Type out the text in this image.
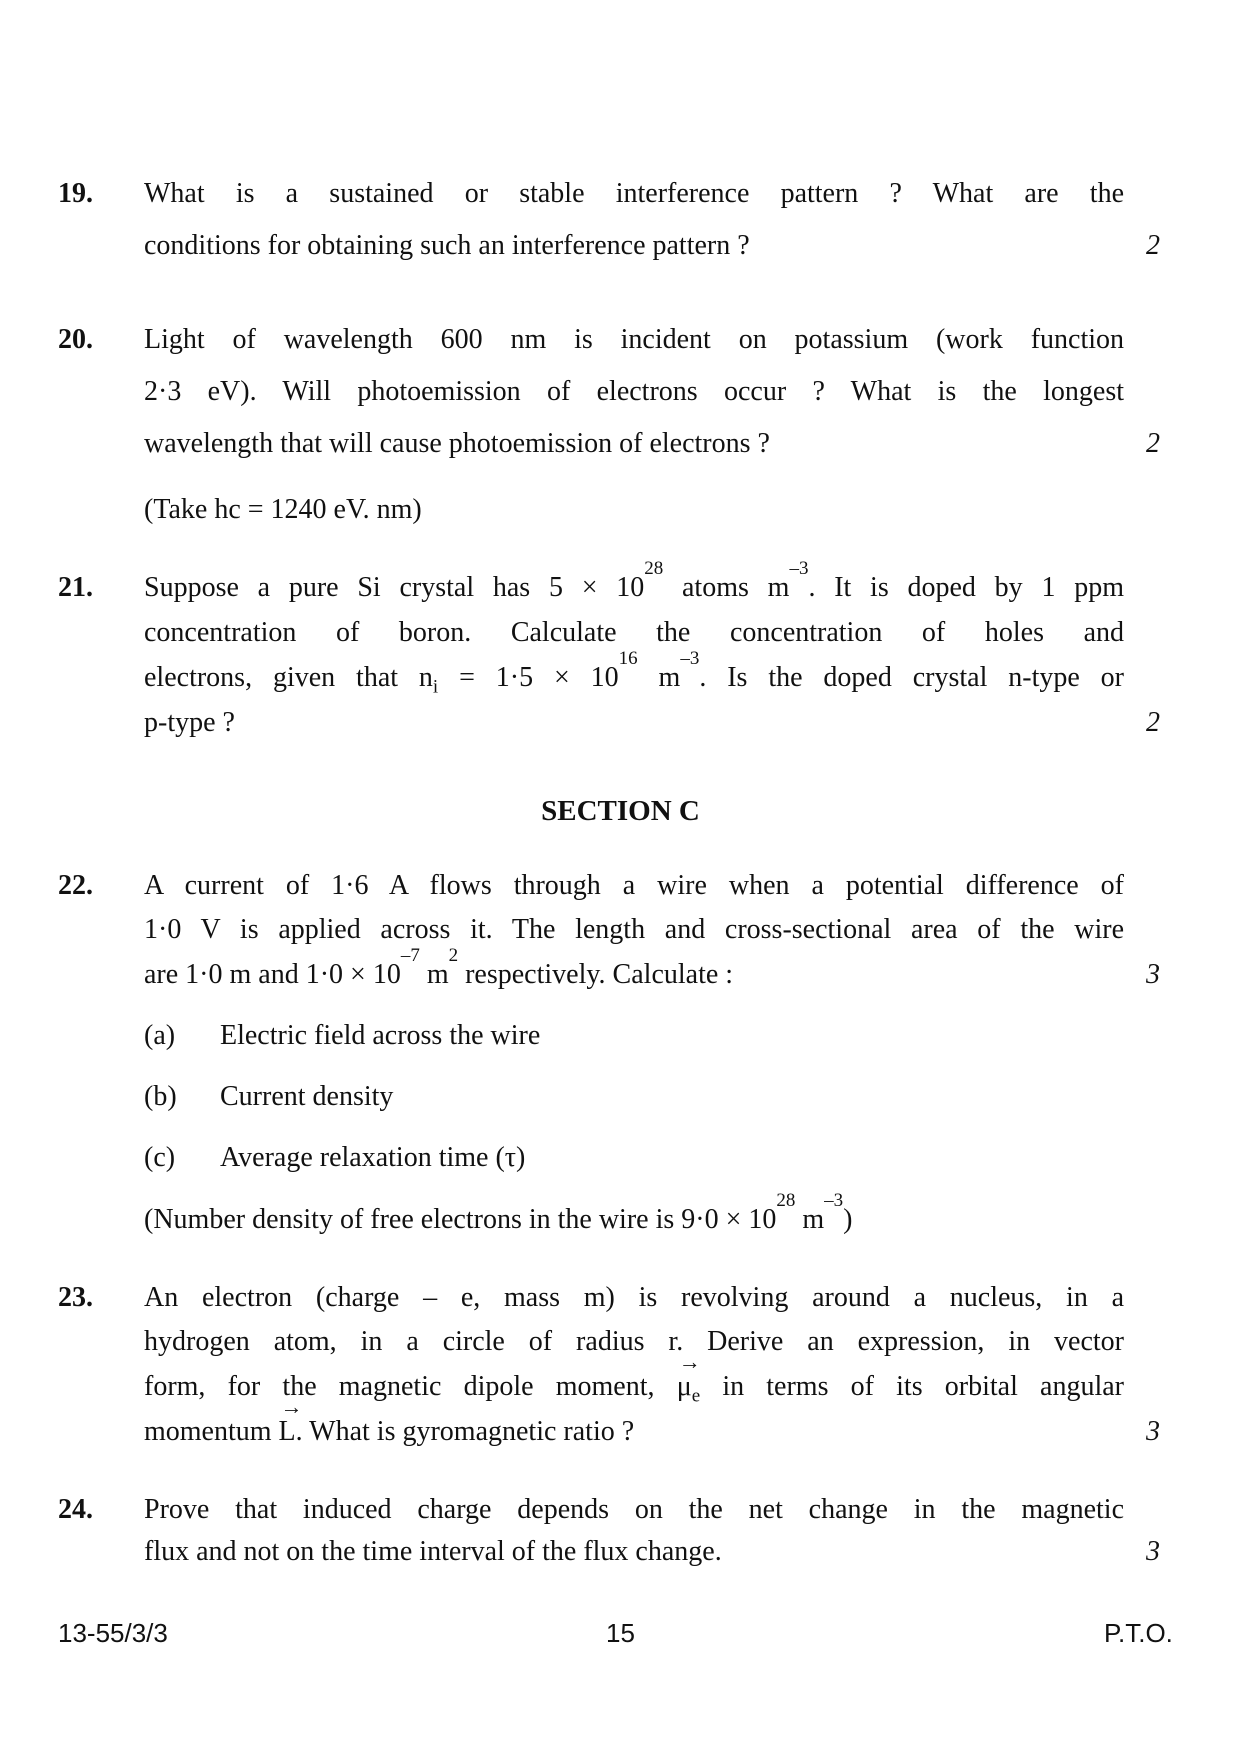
19. What is a sustained or stable interference pattern ? What are the
conditions for obtaining such an interference pattern ?	2
20. Light of wavelength 600 nm is incident on potassium (work function
2·3 eV). Will photoemission of electrons occur ? What is the longest
wavelength that will cause photoemission of electrons ?
(Take hc = 1240 eV. nm)
2
21. Suppose a pure Si crystal has $5 \times 10^{28}$ atoms $m^{-3}$. It is doped by 1 ppm
concentration of boron. Calculate the concentration of holes and
electrons, given that $n_i = 1\cdot 5 \times 10^{16}$ $m^{-3}$. Is the doped crystal n-type or
p-type ?	2
SECTION C
22. A current of 1·6 A flows through a wire when a potential difference of
1·0 V is applied across it. The length and cross-sectional area of the wire
are 1·0 m and $1\cdot 0 \times 10^{-7}$ $m^2$ respectively. Calculate :	3
(a) Electric field across the wire
(b) Current density
(c) Average relaxation time (τ)
(Number density of free electrons in the wire is $9\cdot 0 \times 10^{28}$ $m^{-3}$)
23. An electron (charge – e, mass m) is revolving around a nucleus, in a
hydrogen atom, in a circle of radius r. Derive an expression, in vector
form, for the magnetic dipole moment, → $\mu_e$ in terms of its orbital angular
momentum → L. What is gyromagnetic ratio ?	3
24. Prove that induced charge depends on the net change in the magnetic
flux and not on the time interval of the flux change.	3
13-55/3/3	15	P.T.O.
